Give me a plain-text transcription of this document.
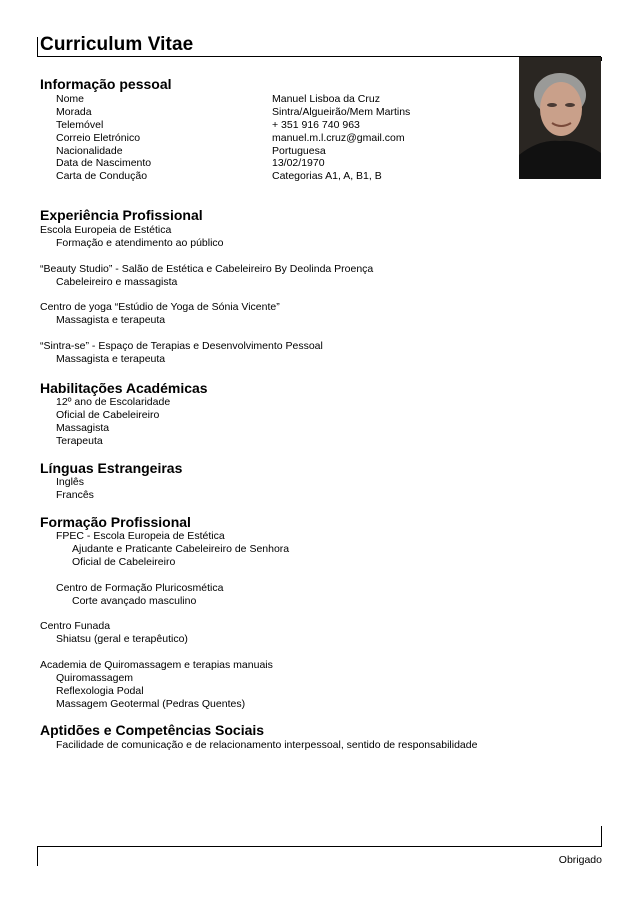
Curriculum Vitae
Informação pessoal
Nome	Manuel Lisboa da Cruz
Morada	Sintra/Algueirão/Mem Martins
Telemóvel	+ 351 916 740 963
Correio Eletrónico	manuel.m.l.cruz@gmail.com
Nacionalidade	Portuguesa
Data de Nascimento	13/02/1970
Carta de Condução	Categorias A1, A, B1, B
Experiência Profissional
Escola Europeia de Estética
Formação e atendimento ao público
“Beauty Studio” - Salão de Estética e Cabeleireiro By Deolinda Proença
Cabeleireiro e massagista
Centro de yoga “Estúdio de Yoga de Sónia Vicente”
Massagista e terapeuta
“Sintra-se” - Espaço de Terapias e Desenvolvimento Pessoal
Massagista e terapeuta
Habilitações Académicas
12º ano de Escolaridade
Oficial de Cabeleireiro
Massagista
Terapeuta
Línguas Estrangeiras
Inglês
Francês
Formação Profissional
FPEC - Escola Europeia de Estética
Ajudante e Praticante Cabeleireiro de Senhora
Oficial de Cabeleireiro
Centro de Formação Pluricosmética
Corte avançado masculino
Centro Funada
Shiatsu (geral e terapêutico)
Academia de Quiromassagem e terapias manuais
Quiromassagem
Reflexologia Podal
Massagem Geotermal (Pedras Quentes)
Aptidões e Competências Sociais
Facilidade de comunicação e de relacionamento interpessoal, sentido de responsabilidade
Obrigado
